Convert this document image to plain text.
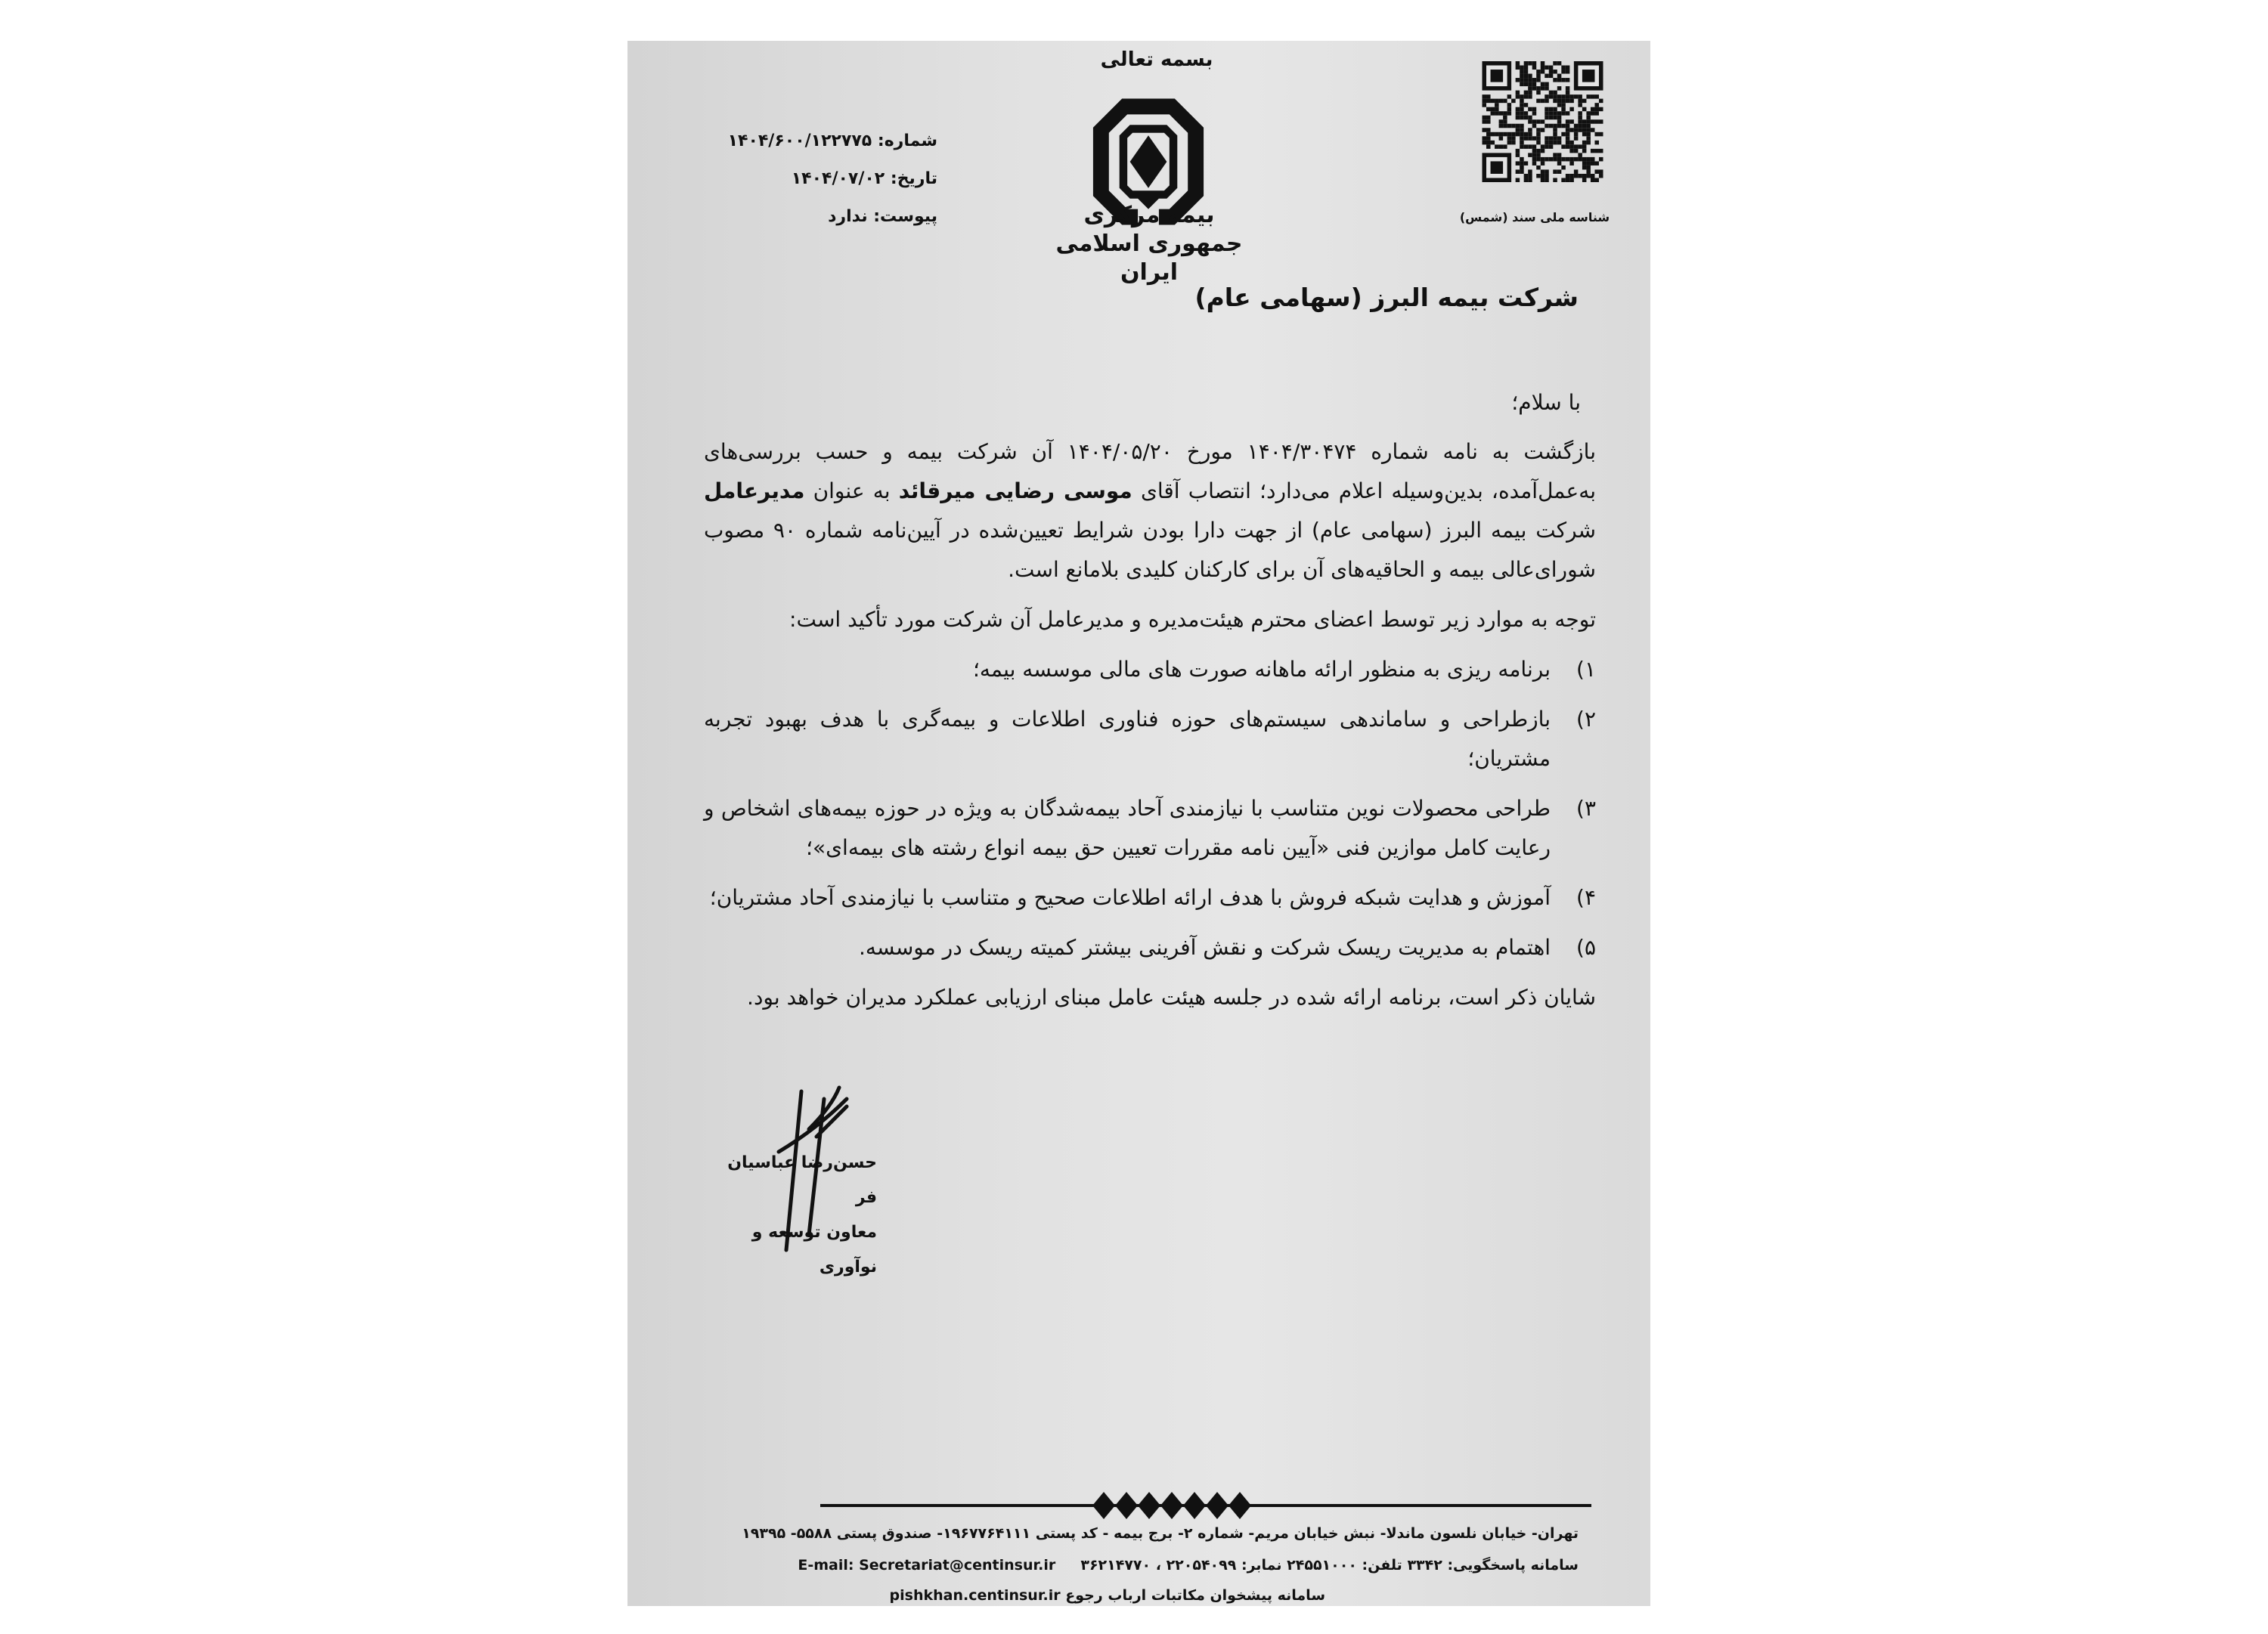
بسمه تعالی
بیمه مرکزی
جمهوری اسلامی ایران
شناسه ملی سند (شمس)
شماره: ۱۴۰۴/۶۰۰/۱۲۲۷۷۵
تاریخ: ۱۴۰۴/۰۷/۰۲
پیوست: ندارد
شرکت بیمه البرز (سهامی عام)
با سلام؛

بازگشت به نامه شماره ۱۴۰۴/۳۰۴۷۴ مورخ ۱۴۰۴/۰۵/۲۰ آن شرکت بیمه و حسب بررسی‌های به‌عمل‌آمده، بدین‌وسیله اعلام می‌دارد؛ انتصاب آقای موسی رضایی میرقائد به عنوان مدیرعامل شرکت بیمه البرز (سهامی عام) از جهت دارا بودن شرایط تعیین‌شده در آیین‌نامه شماره ۹۰ مصوب شورای‌عالی بیمه و الحاقیه‌های آن برای کارکنان کلیدی بلامانع است.

توجه به موارد زیر توسط اعضای محترم هیئت‌مدیره و مدیرعامل آن شرکت مورد تأکید است:

۱)
برنامه ریزی به منظور ارائه ماهانه صورت های مالی موسسه بیمه؛
۲)
بازطراحی و ساماندهی سیستم‌های حوزه فناوری اطلاعات و بیمه‌گری با هدف بهبود تجربه مشتریان؛
۳)
طراحی محصولات نوین متناسب با نیازمندی آحاد بیمه‌شدگان به ویژه در حوزه بیمه‌های اشخاص و رعایت کامل موازین فنی «آیین نامه مقررات تعیین حق بیمه انواع رشته های بیمه‌ای»؛
۴)
آموزش و هدایت شبکه فروش با هدف ارائه اطلاعات صحیح و متناسب با نیازمندی آحاد مشتریان؛
۵)
اهتمام به مدیریت ریسک شرکت و نقش آفرینی بیشتر کمیته ریسک در موسسه.

شایان ذکر است، برنامه ارائه شده در جلسه هیئت عامل مبنای ارزیابی عملکرد مدیران خواهد بود.

حسن‌رضا عباسیان فر
معاون توسعه و نوآوری
تهران- خیابان نلسون ماندلا- نبش خیابان مریم- شماره ۲- برج بیمه - کد پستی ۱۹۶۷۷۶۴۱۱۱- صندوق پستی ۵۵۸۸- ۱۹۳۹۵
سامانه پاسخگویی: ۳۳۴۲ تلفن: ۲۴۵۵۱۰۰۰ نمابر: ۲۲۰۵۴۰۹۹ ، ۳۶۲۱۴۷۷۰     E-mail: Secretariat@centinsur.ir
سامانه پیشخوان مکاتبات ارباب رجوع pishkhan.centinsur.ir
